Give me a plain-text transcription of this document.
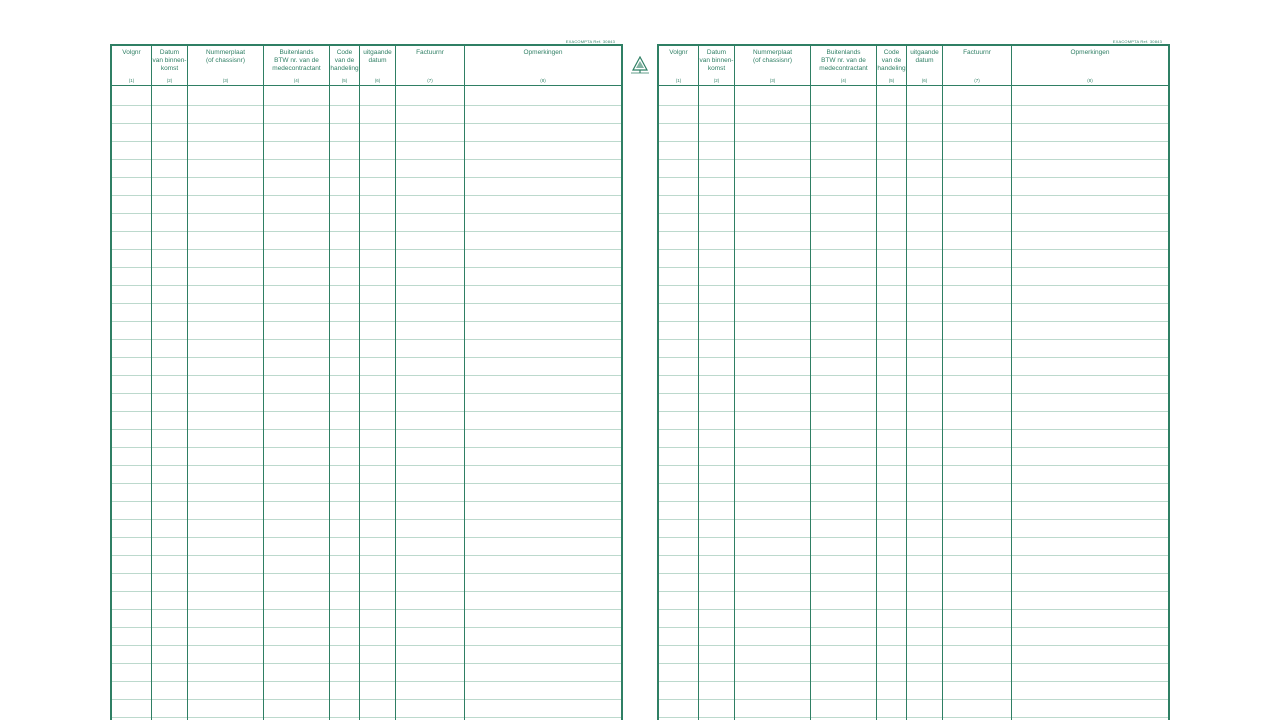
EXACOMPTA Ref. 30843
Volgnr
(1)
Datum
van binnen-
komst
(2)
Nummerplaat
(of chassisnr)
(3)
Buitenlands
BTW nr. van de
medecontractant
(4)
Code
van de
handeling
(5)
uitgaande
datum
(6)
Factuurnr
(7)
Opmerkingen
(8)
EXACOMPTA Ref. 30843
Volgnr
(1)
Datum
van binnen-
komst
(2)
Nummerplaat
(of chassisnr)
(3)
Buitenlands
BTW nr. van de
medecontractant
(4)
Code
van de
handeling
(5)
uitgaande
datum
(6)
Factuurnr
(7)
Opmerkingen
(8)
